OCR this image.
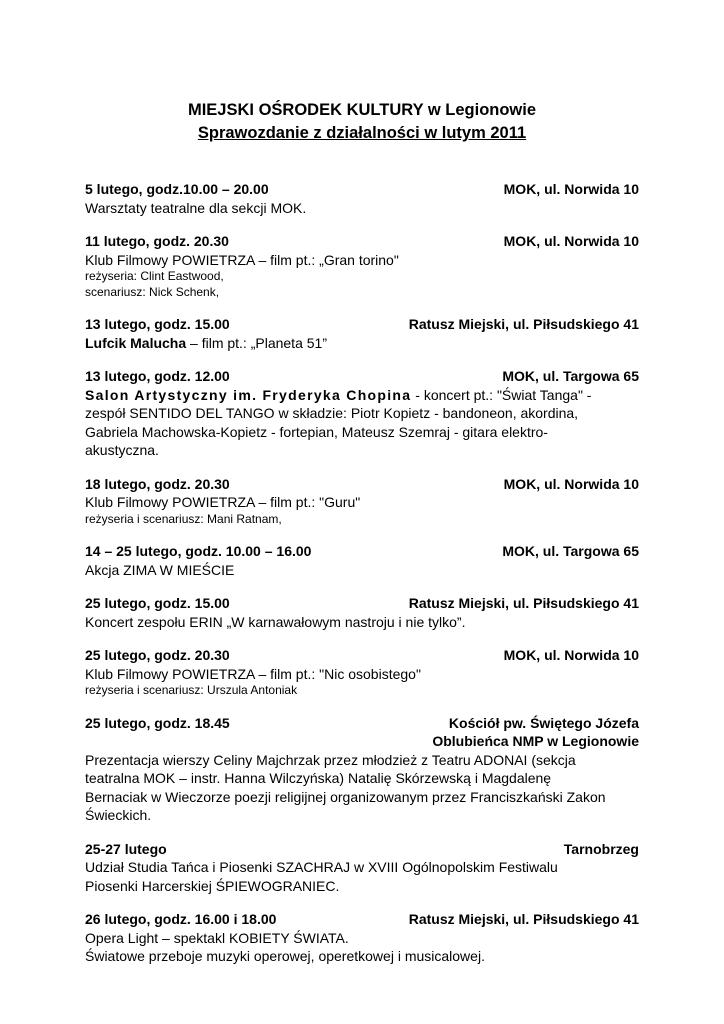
MIEJSKI OŚRODEK KULTURY w Legionowie
Sprawozdanie z działalności w lutym 2011
5 lutego, godz.10.00 – 20.00	MOK, ul. Norwida 10
Warsztaty teatralne dla sekcji MOK.
11 lutego, godz. 20.30	MOK, ul. Norwida 10
Klub Filmowy POWIETRZA – film pt.: „Gran torino"
reżyseria: Clint Eastwood,
scenariusz: Nick Schenk,
13 lutego, godz. 15.00	Ratusz Miejski, ul. Piłsudskiego 41
Lufcik Malucha – film pt.: „Planeta 51”
13 lutego, godz. 12.00	MOK, ul. Targowa 65
Salon Artystyczny im. Fryderyka Chopina - koncert pt.: "Świat Tanga" -
zespół SENTIDO DEL TANGO w składzie: Piotr Kopietz - bandoneon, akordina,
Gabriela Machowska-Kopietz - fortepian, Mateusz Szemraj - gitara elektro-
akustyczna.
18 lutego, godz. 20.30	MOK, ul. Norwida 10
Klub Filmowy POWIETRZA – film pt.: "Guru"
reżyseria i scenariusz: Mani Ratnam,
14 – 25 lutego, godz. 10.00 – 16.00	MOK, ul. Targowa 65
Akcja ZIMA W MIEŚCIE
25 lutego, godz. 15.00	Ratusz Miejski, ul. Piłsudskiego 41
Koncert zespołu ERIN „W karnawałowym nastroju i nie tylko”.
25 lutego, godz. 20.30	MOK, ul. Norwida 10
Klub Filmowy POWIETRZA – film pt.: "Nic osobistego"
reżyseria i scenariusz: Urszula Antoniak
25 lutego, godz. 18.45	Kościół pw. Świętego Józefa
Oblubieńca NMP w Legionowie
Prezentacja wierszy Celiny Majchrzak przez młodzież z Teatru ADONAI (sekcja
teatralna MOK – instr. Hanna Wilczyńska) Natalię Skórzewską i Magdalenę
Bernaciak w Wieczorze poezji religijnej organizowanym przez Franciszkański Zakon
Świeckich.
25-27 lutego	Tarnobrzeg
Udział Studia Tańca i Piosenki SZACHRAJ w XVIII Ogólnopolskim Festiwalu
Piosenki Harcerskiej ŚPIEWOGRANIEC.
26 lutego, godz. 16.00 i 18.00	Ratusz Miejski, ul. Piłsudskiego 41
Opera Light – spektakl KOBIETY ŚWIATA.
Światowe przeboje muzyki operowej, operetkowej i musicalowej.
